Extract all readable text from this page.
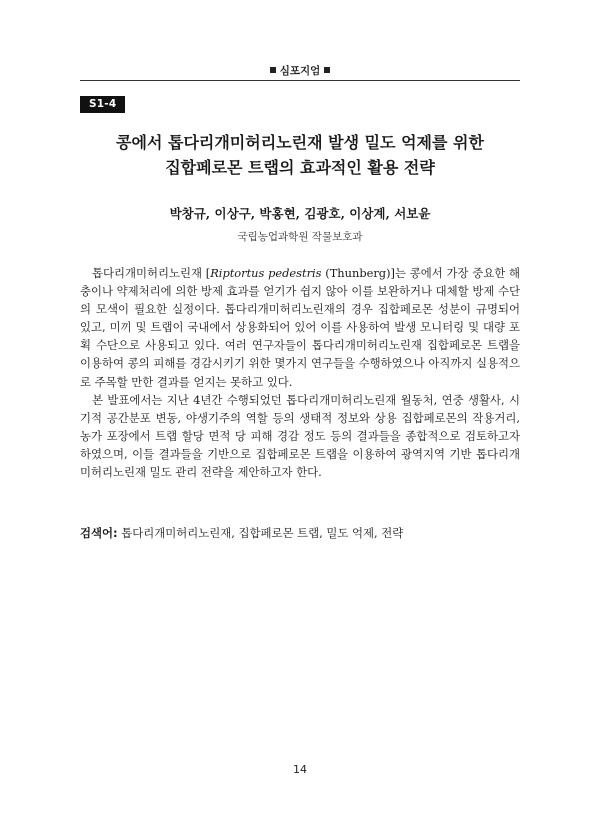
심포지엄
S1-4
콩에서 톱다리개미허리노린재 발생 밀도 억제를 위한
집합페로몬 트랩의 효과적인 활용 전략
박창규, 이상구, 박홍현, 김광호, 이상계, 서보윤
국립농업과학원 작물보호과

톱다리개미허리노린재 [Riptortus pedestris (Thunberg)]는 콩에서 가장 중요한 해충이나 약제처리에 의한 방제 효과를 얻기가 쉽지 않아 이를 보완하거나 대체할 방제 수단의 모색이 필요한 실정이다. 톱다리개미허리노린재의 경우 집합페로몬 성분이 규명되어 있고, 미끼 및 트랩이 국내에서 상용화되어 있어 이를 사용하여 발생 모니터링 및 대량 포획 수단으로 사용되고 있다. 여러 연구자들이 톱다리개미허리노린재 집합페로몬 트랩을 이용하여 콩의 피해를 경감시키기 위한 몇가지 연구들을 수행하였으나 아직까지 실용적으로 주목할 만한 결과를 얻지는 못하고 있다.

본 발표에서는 지난 4년간 수행되었던 톱다리개미허리노린재 월동처, 연중 생활사, 시기적 공간분포 변동, 야생기주의 역할 등의 생태적 정보와 상용 집합페로몬의 작용거리, 농가 포장에서 트랩 할당 면적 당 피해 경감 정도 등의 결과들을 종합적으로 검토하고자 하였으며, 이들 결과들을 기반으로 집합페로몬 트랩을 이용하여 광역지역 기반 톱다리개미허리노린재 밀도 관리 전략을 제안하고자 한다.

검색어: 톱다리개미허리노린재, 집합페로몬 트랩, 밀도 억제, 전략
14
